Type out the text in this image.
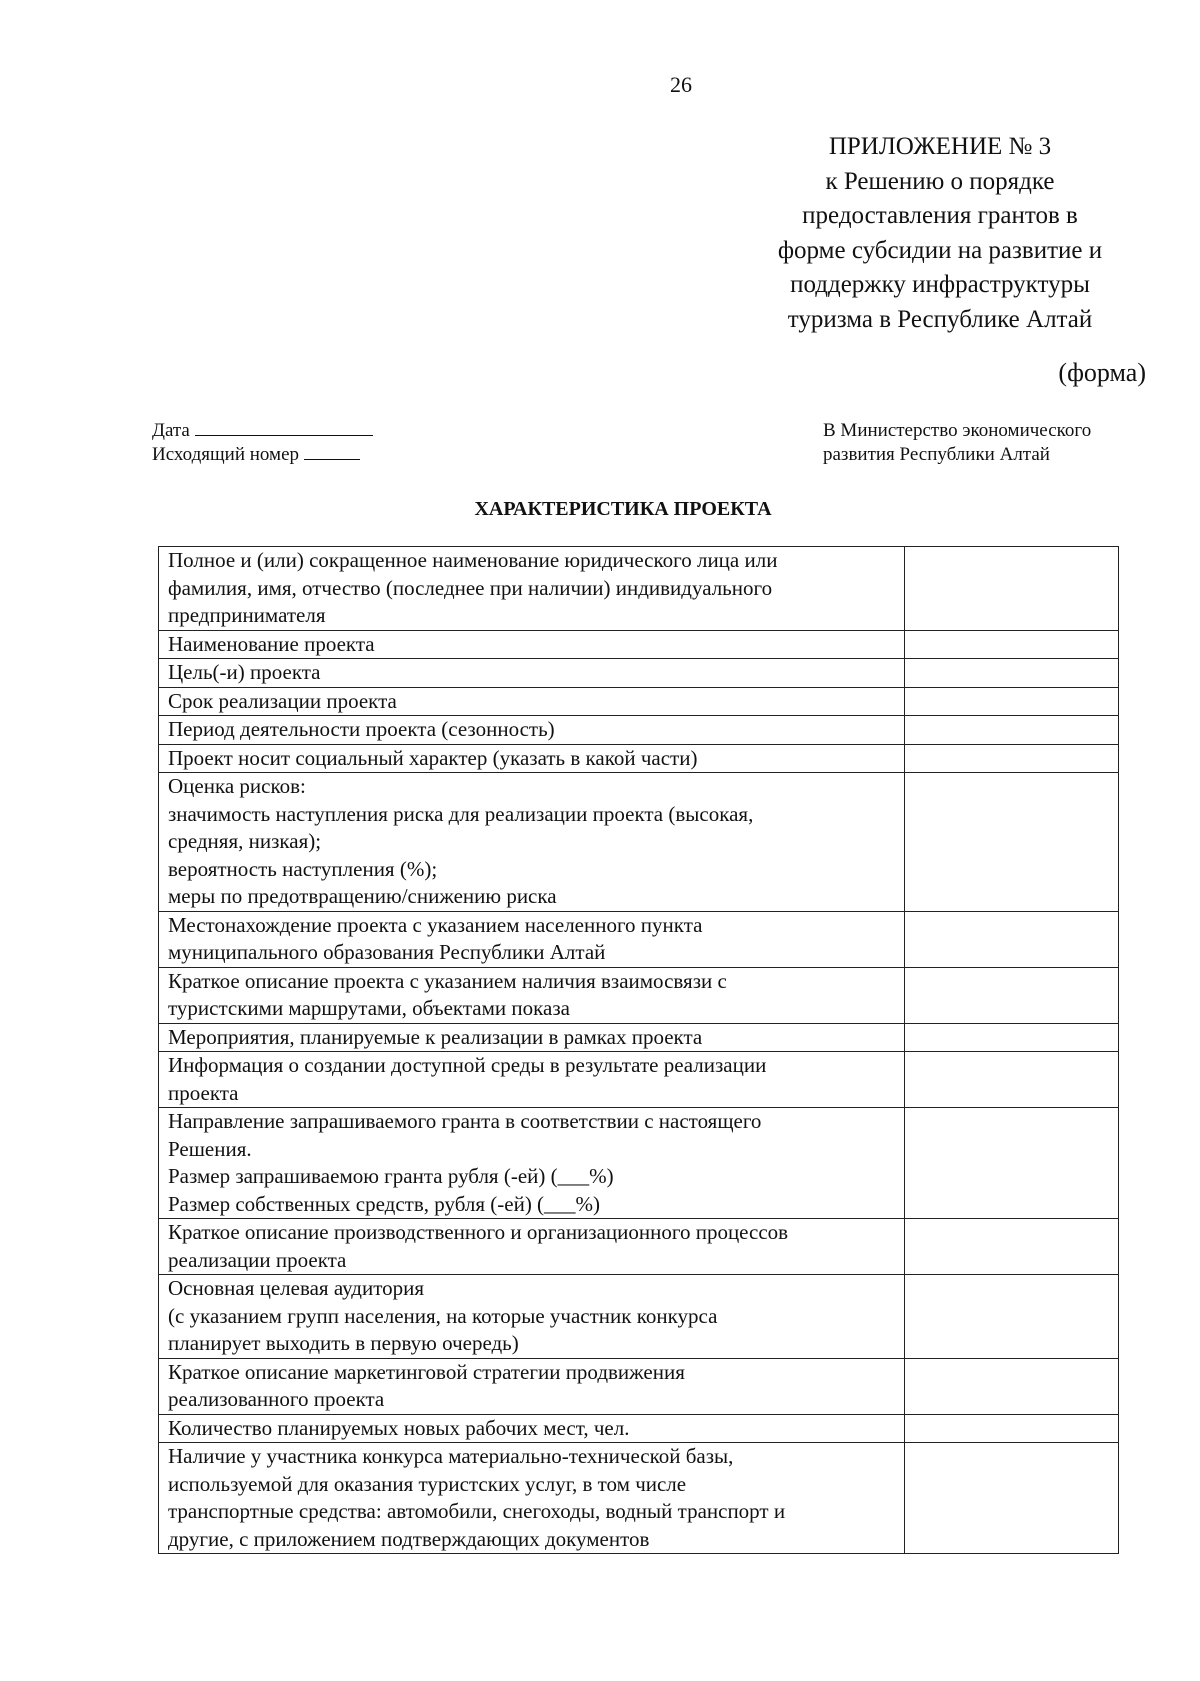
26
ПРИЛОЖЕНИЕ № 3
к Решению о порядке
предоставления грантов в
форме субсидии на развитие и
поддержку инфраструктуры
туризма в Республике Алтай
(форма)
Дата
Исходящий номер
В Министерство экономического
развития Республики Алтай
ХАРАКТЕРИСТИКА ПРОЕКТА
Полное и (или) сокращенное наименование юридического лица или
фамилия, имя, отчество (последнее при наличии) индивидуального
предпринимателя	

Наименование проекта	

Цель(-и) проекта	

Срок реализации проекта	

Период деятельности проекта (сезонность)	

Проект носит социальный характер (указать в какой части)	

Оценка рисков:
значимость наступления риска для реализации проекта (высокая,
средняя, низкая);
вероятность наступления (%);
меры по предотвращению/снижению риска	

Местонахождение проекта с указанием населенного пункта
муниципального образования Республики Алтай	

Краткое описание проекта с указанием наличия взаимосвязи с
туристскими маршрутами, объектами показа	

Мероприятия, планируемые к реализации в рамках проекта	

Информация о создании доступной среды в результате реализации
проекта	

Направление запрашиваемого гранта в соответствии с настоящего
Решения.
Размер запрашиваемою гранта рубля (-ей) (___%)
Размер собственных средств, рубля (-ей) (___%)	

Краткое описание производственного и организационного процессов
реализации проекта	

Основная целевая аудитория
(с указанием групп населения, на которые участник конкурса
планирует выходить в первую очередь)	

Краткое описание маркетинговой стратегии продвижения
реализованного проекта	

Количество планируемых новых рабочих мест, чел.	

Наличие у участника конкурса материально-технической базы,
используемой для оказания туристских услуг, в том числе
транспортные средства: автомобили, снегоходы, водный транспорт и
другие, с приложением подтверждающих документов	
